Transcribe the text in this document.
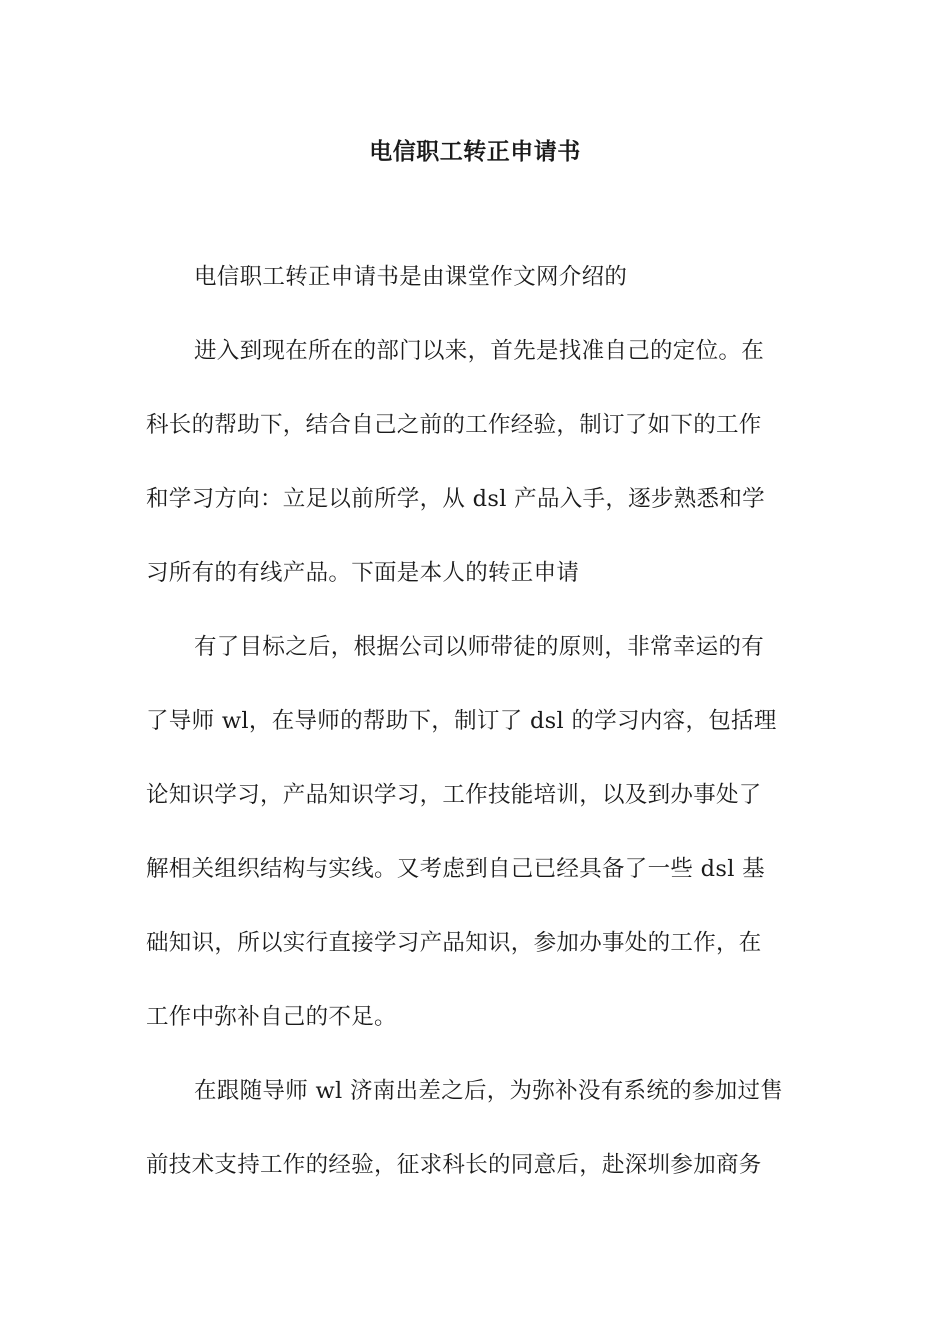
电信职工转正申请书
电信职工转正申请书是由课堂作文网介绍的
进入到现在所在的部门以来，首先是找准自己的定位。在
科长的帮助下，结合自己之前的工作经验，制订了如下的工作
和学习方向：立足以前所学，从 dsl 产品入手，逐步熟悉和学
习所有的有线产品。下面是本人的转正申请
有了目标之后，根据公司以师带徒的原则，非常幸运的有
了导师 wl，在导师的帮助下，制订了 dsl 的学习内容，包括理
论知识学习，产品知识学习，工作技能培训，以及到办事处了
解相关组织结构与实线。又考虑到自己已经具备了一些 dsl 基
础知识，所以实行直接学习产品知识，参加办事处的工作，在
工作中弥补自己的不足。
在跟随导师 wl 济南出差之后，为弥补没有系统的参加过售
前技术支持工作的经验，征求科长的同意后，赴深圳参加商务
